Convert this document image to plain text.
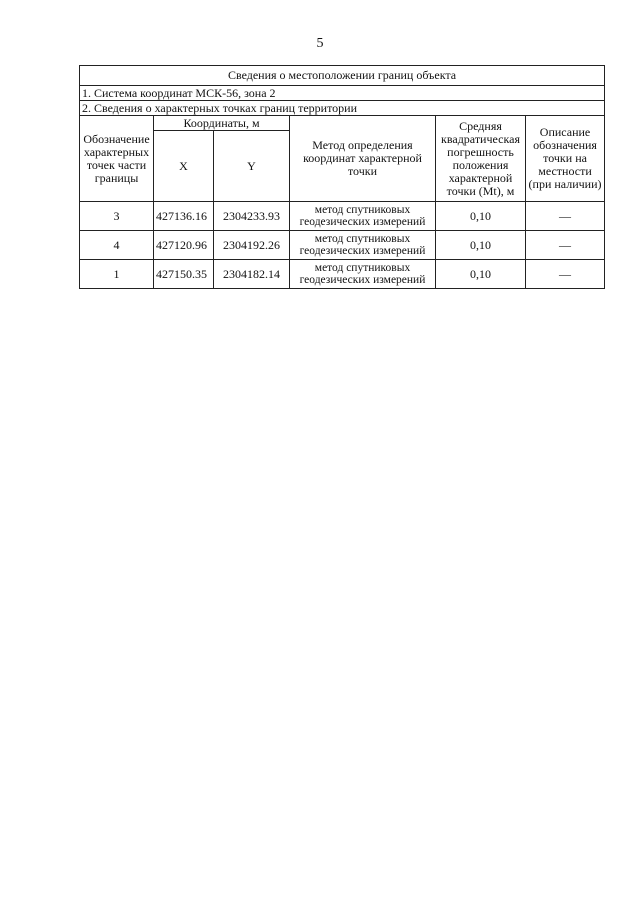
5
Сведения о местоположении границ объекта					
1. Система координат МСК-56, зона 2					
2. Сведения о характерных точках границ территории					
Обозначение характерных точек части границы	Координаты, м		Метод определения координат характерной точки	Средняя квадратическая погрешность положения характерной точки (Mt), м	Описание обозначения точки на местности (при наличии)
	X	Y			
3	427136.16	2304233.93	метод спутниковых геодезических измерений	0,10	—
4	427120.96	2304192.26	метод спутниковых геодезических измерений	0,10	—
1	427150.35	2304182.14	метод спутниковых геодезических измерений	0,10	—
